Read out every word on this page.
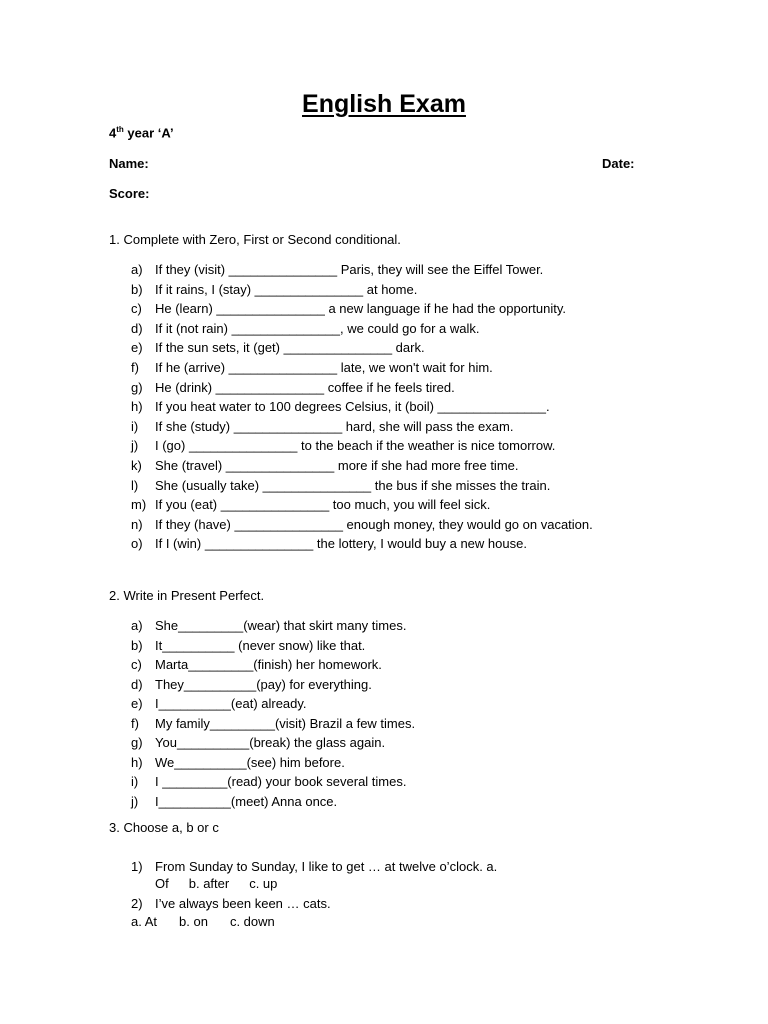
English Exam
4th year ‘A’
Name:	Date:
Score:
1. Complete with Zero, First or Second conditional.
a) If they (visit) _______________ Paris, they will see the Eiffel Tower.
b) If it rains, I (stay) _______________ at home.
c)	He (learn) _______________ a new language if he had the opportunity.
d) If it (not rain) _______________, we could go for a walk.
e) If the sun sets, it (get) _______________ dark.
f)	If he (arrive) _______________ late, we won't wait for him.
g) He (drink) _______________ coffee if he feels tired.
h) If you heat water to 100 degrees Celsius, it (boil) _______________.
i)	If she (study) _______________ hard, she will pass the exam.
j)	I (go) _______________ to the beach if the weather is nice tomorrow.
k)	She (travel) _______________ more if she had more free time.
l)	She (usually take) _______________ the bus if she misses the train.
m) If you (eat) _______________ too much, you will feel sick.
n) If they (have) _______________ enough money, they would go on vacation.
o) If I (win) _______________ the lottery, I would buy a new house.
2. Write in Present Perfect.
a) She_________(wear) that skirt many times.
b) It__________ (never snow) like that.
c)	Marta_________(finish) her homework.
d) They__________(pay) for everything.
e) I__________(eat) already.
f)	My family_________(visit) Brazil a few times.
g) You__________(break) the glass again.
h) We__________(see) him before.
i)	I _________(read) your book several times.
j)	I__________(meet) Anna once.
3. Choose a, b or c
1) From Sunday to Sunday, I like to get … at twelve o’clock. a.
Of b. after c. up
2) I’ve always been keen … cats.
a. At b. on c. down
